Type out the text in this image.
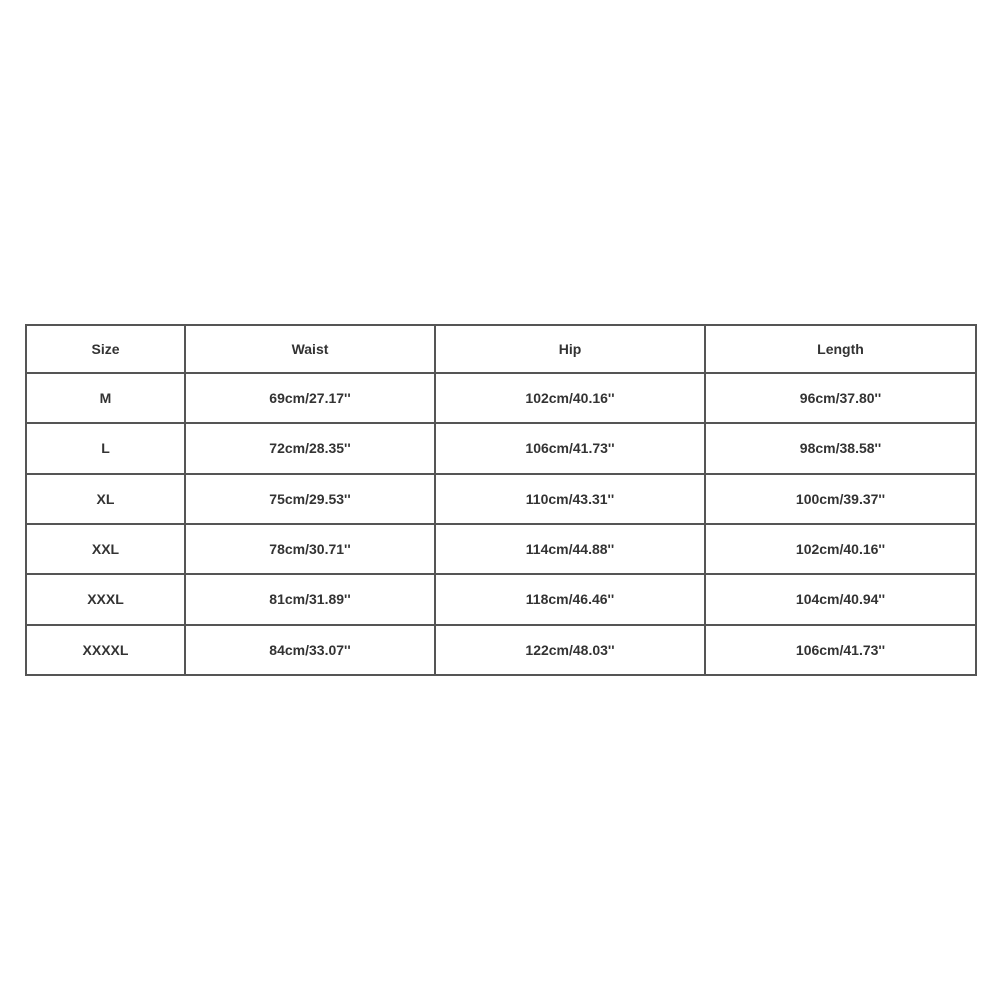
Size	Waist	Hip	Length
M	69cm/27.17''	102cm/40.16''	96cm/37.80''
L	72cm/28.35''	106cm/41.73''	98cm/38.58''
XL	75cm/29.53''	110cm/43.31''	100cm/39.37''
XXL	78cm/30.71''	114cm/44.88''	102cm/40.16''
XXXL	81cm/31.89''	118cm/46.46''	104cm/40.94''
XXXXL	84cm/33.07''	122cm/48.03''	106cm/41.73''
